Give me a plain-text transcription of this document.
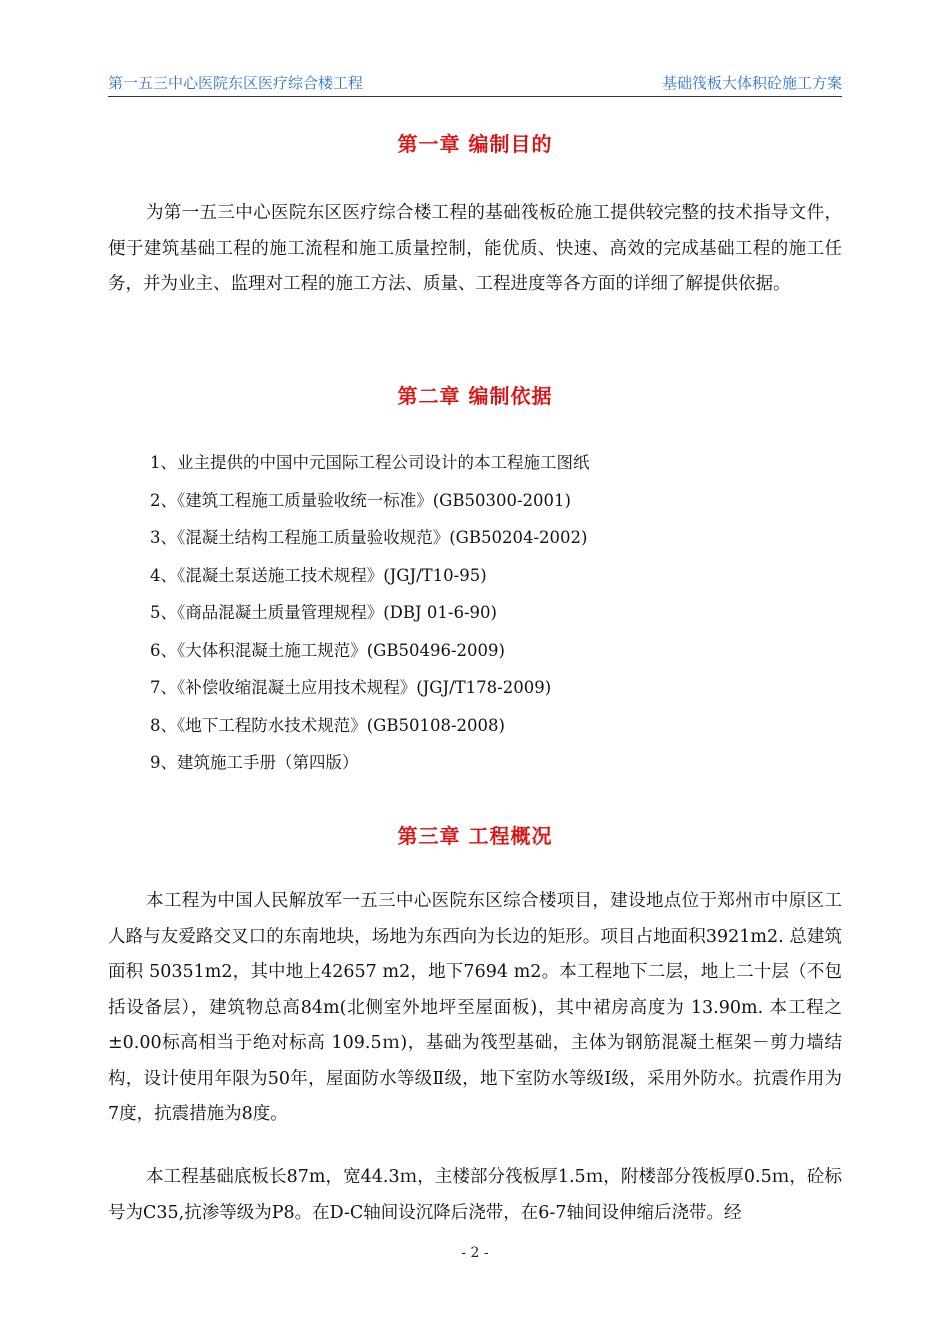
第一五三中心医院东区医疗综合楼工程	基础筏板大体积砼施工方案
第一章 编制目的

为第一五三中心医院东区医疗综合楼工程的基础筏板砼施工提供较完整的技术指导文件，便于建筑基础工程的施工流程和施工质量控制，能优质、快速、高效的完成基础工程的施工任务，并为业主、监理对工程的施工方法、质量、工程进度等各方面的详细了解提供依据。

第二章 编制依据
1、业主提供的中国中元国际工程公司设计的本工程施工图纸
2、《建筑工程施工质量验收统一标准》(GB50300-2001)
3、《混凝土结构工程施工质量验收规范》(GB50204-2002)
4、《混凝土泵送施工技术规程》(JGJ/T10-95)
5、《商品混凝土质量管理规程》(DBJ 01-6-90)
6、《大体积混凝土施工规范》(GB50496-2009)
7、《补偿收缩混凝土应用技术规程》(JGJ/T178-2009)
8、《地下工程防水技术规范》(GB50108-2008)
9、建筑施工手册（第四版）
第三章 工程概况

本工程为中国人民解放军一五三中心医院东区综合楼项目，建设地点位于郑州市中原区工人路与友爱路交叉口的东南地块，场地为东西向为长边的矩形。项目占地面积3921m2. 总建筑面积 50351m2，其中地上42657 m2，地下7694 m2。本工程地下二层，地上二十层（不包括设备层），建筑物总高84m(北侧室外地坪至屋面板)，其中裙房高度为 13.90m. 本工程之±0.00标高相当于绝对标高 109.5ｍ)，基础为筏型基础，主体为钢筋混凝土框架－剪力墙结构，设计使用年限为50年，屋面防水等级Ⅱ级，地下室防水等级Ⅰ级，采用外防水。抗震作用为7度，抗震措施为8度。

本工程基础底板长87m，宽44.3ｍ，主楼部分筏板厚1.5ｍ，附楼部分筏板厚0.5ｍ，砼标号为C35,抗渗等级为P8。在D-C轴间设沉降后浇带，在6-7轴间设伸缩后浇带。经

- 2 -
